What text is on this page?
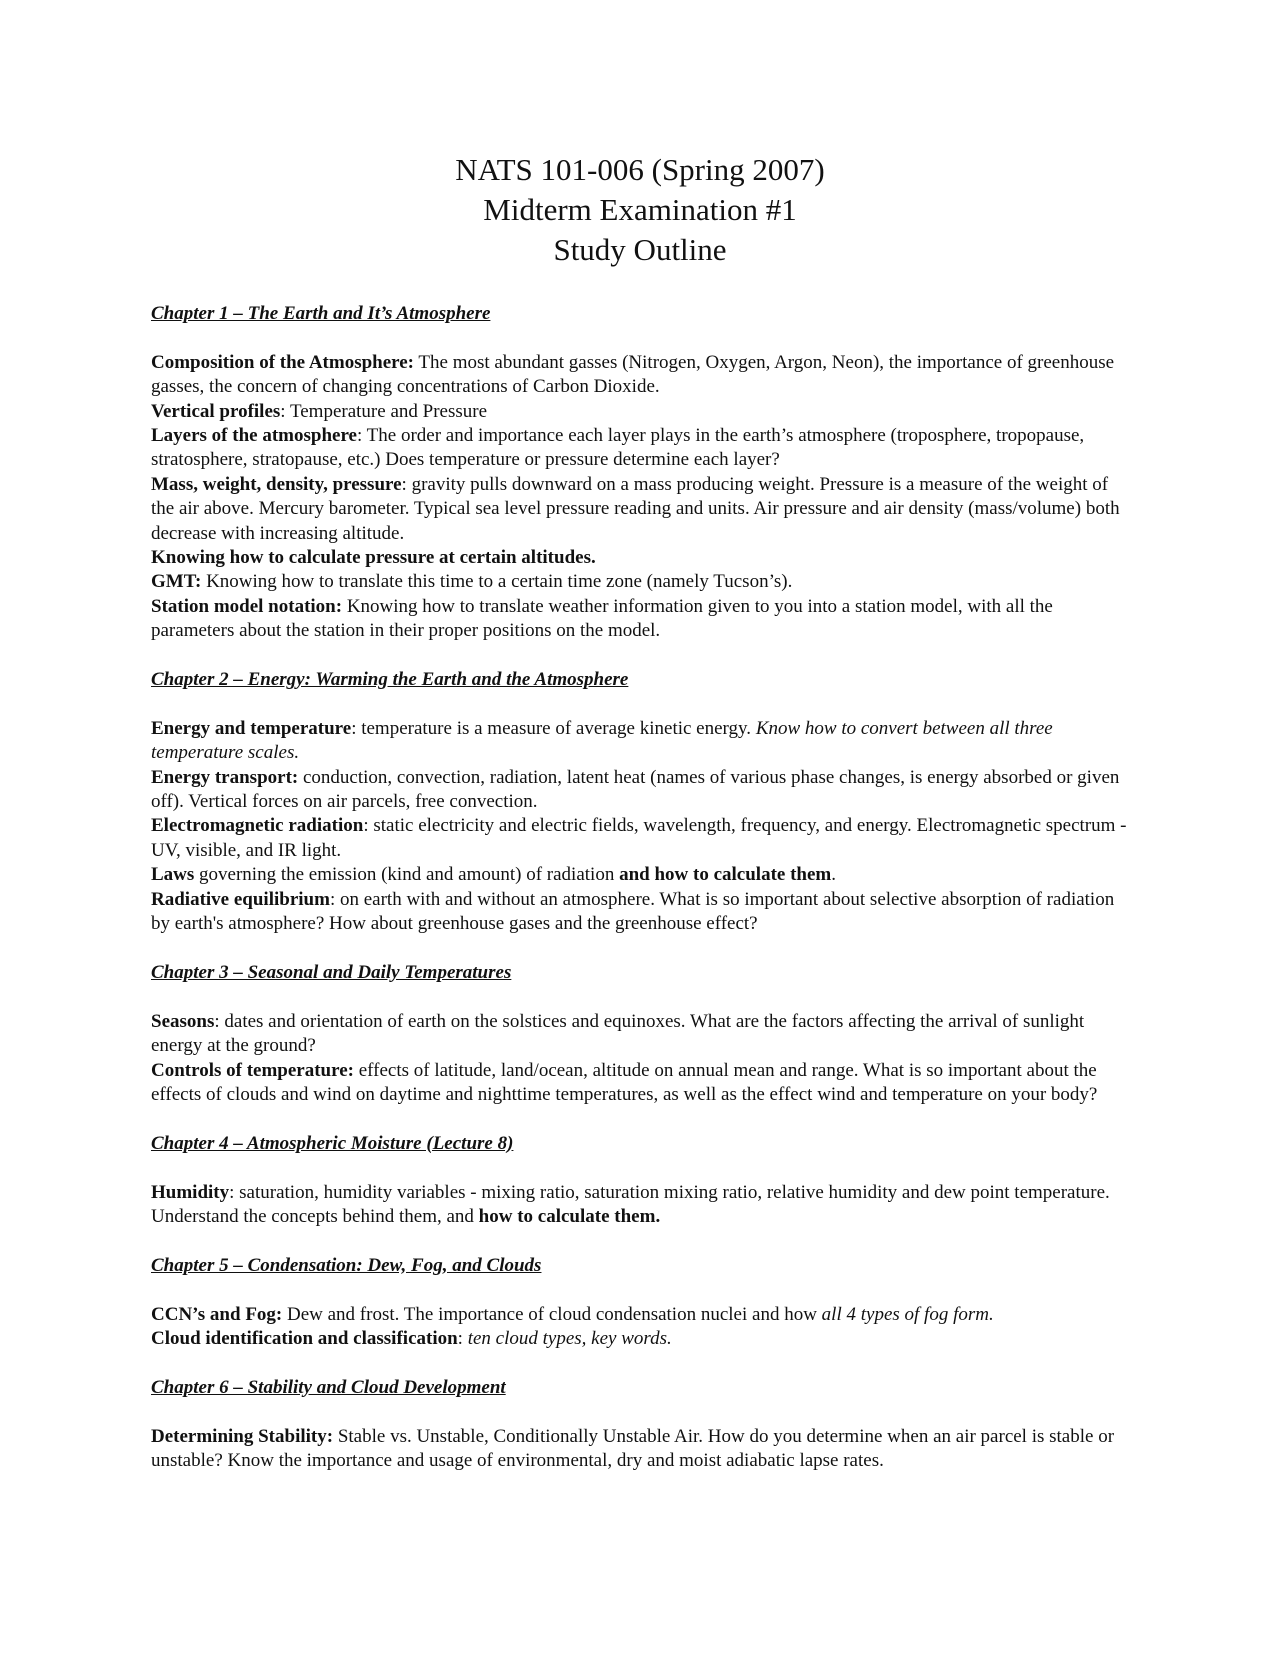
NATS 101-006 (Spring 2007)
Midterm Examination #1
Study Outline
Chapter 1 – The Earth and It’s Atmosphere

Composition of the Atmosphere: The most abundant gasses (Nitrogen, Oxygen, Argon, Neon), the importance of greenhouse gasses, the concern of changing concentrations of Carbon Dioxide.

Vertical profiles: Temperature and Pressure

Layers of the atmosphere: The order and importance each layer plays in the earth’s atmosphere (troposphere, tropopause, stratosphere, stratopause, etc.) Does temperature or pressure determine each layer?

Mass, weight, density, pressure: gravity pulls downward on a mass producing weight. Pressure is a measure of the weight of the air above. Mercury barometer. Typical sea level pressure reading and units. Air pressure and air density (mass/volume) both decrease with increasing altitude.

Knowing how to calculate pressure at certain altitudes.

GMT: Knowing how to translate this time to a certain time zone (namely Tucson’s).

Station model notation: Knowing how to translate weather information given to you into a station model, with all the parameters about the station in their proper positions on the model.

Chapter 2 – Energy: Warming the Earth and the Atmosphere

Energy and temperature: temperature is a measure of average kinetic energy. Know how to convert between all three temperature scales.

Energy transport: conduction, convection, radiation, latent heat (names of various phase changes, is energy absorbed or given off). Vertical forces on air parcels, free convection.

Electromagnetic radiation: static electricity and electric fields, wavelength, frequency, and energy. Electromagnetic spectrum - UV, visible, and IR light.

Laws governing the emission (kind and amount) of radiation and how to calculate them.

Radiative equilibrium: on earth with and without an atmosphere. What is so important about selective absorption of radiation by earth's atmosphere? How about greenhouse gases and the greenhouse effect?

Chapter 3 – Seasonal and Daily Temperatures

Seasons: dates and orientation of earth on the solstices and equinoxes. What are the factors affecting the arrival of sunlight energy at the ground?

Controls of temperature: effects of latitude, land/ocean, altitude on annual mean and range. What is so important about the effects of clouds and wind on daytime and nighttime temperatures, as well as the effect wind and temperature on your body?

Chapter 4 – Atmospheric Moisture (Lecture 8)

Humidity: saturation, humidity variables - mixing ratio, saturation mixing ratio, relative humidity and dew point temperature. Understand the concepts behind them, and how to calculate them.

Chapter 5 – Condensation: Dew, Fog, and Clouds

CCN’s and Fog: Dew and frost. The importance of cloud condensation nuclei and how all 4 types of fog form.

Cloud identification and classification: ten cloud types, key words.

Chapter 6 – Stability and Cloud Development

Determining Stability: Stable vs. Unstable, Conditionally Unstable Air. How do you determine when an air parcel is stable or unstable? Know the importance and usage of environmental, dry and moist adiabatic lapse rates.
